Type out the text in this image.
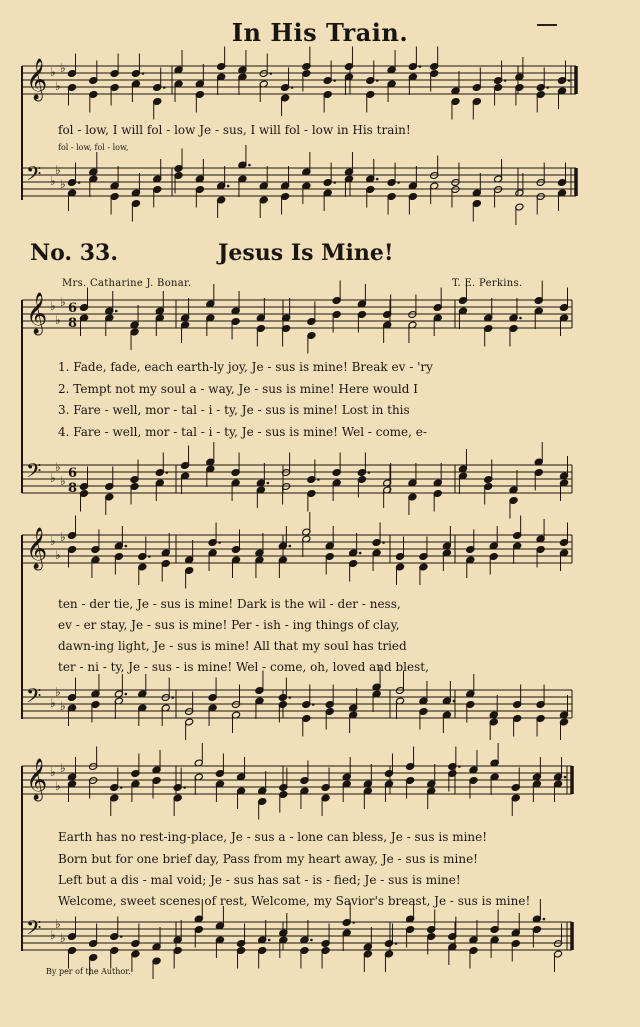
In His Train.
𝄞 ♭
♭
♭
𝄢 ♭
♭
♭
𝄞 ♭
♭
♭ 6
8
𝄢 ♭
♭
♭ 6
8
𝄞 ♭
♭
♭
𝄢 ♭
♭
♭
𝄞 ♭
♭
♭
𝄢 ♭
♭
♭
fol - low, I will fol - low Je - sus, I will fol - low in His train!
fol - low, fol - low,
No. 33.	Jesus Is Mine!
Mrs. Catharine J. Bonar.	T. E. Perkins.
1. Fade, fade, each earth-ly joy, Je - sus is mine! Break ev - 'ry
2. Tempt not my soul a - way, Je - sus is mine! Here would I
3. Fare - well, mor - tal - i - ty, Je - sus is mine! Lost in this
4. Fare - well, mor - tal - i - ty, Je - sus is mine! Wel - come, e-
ten - der tie, Je - sus is mine! Dark is the wil - der - ness,
ev - er stay, Je - sus is mine! Per - ish - ing things of clay,
dawn-ing light, Je - sus is mine! All that my soul has tried
ter - ni - ty, Je - sus - is mine! Wel - come, oh, loved and blest,
Earth has no rest-ing-place, Je - sus a - lone can bless, Je - sus is mine!
Born but for one brief day, Pass from my heart away, Je - sus is mine!
Left but a dis - mal void; Je - sus has sat - is - fied; Je - sus is mine!
Welcome, sweet scenes of rest, Welcome, my Savior's breast, Je - sus is mine!
By per of the Author.
